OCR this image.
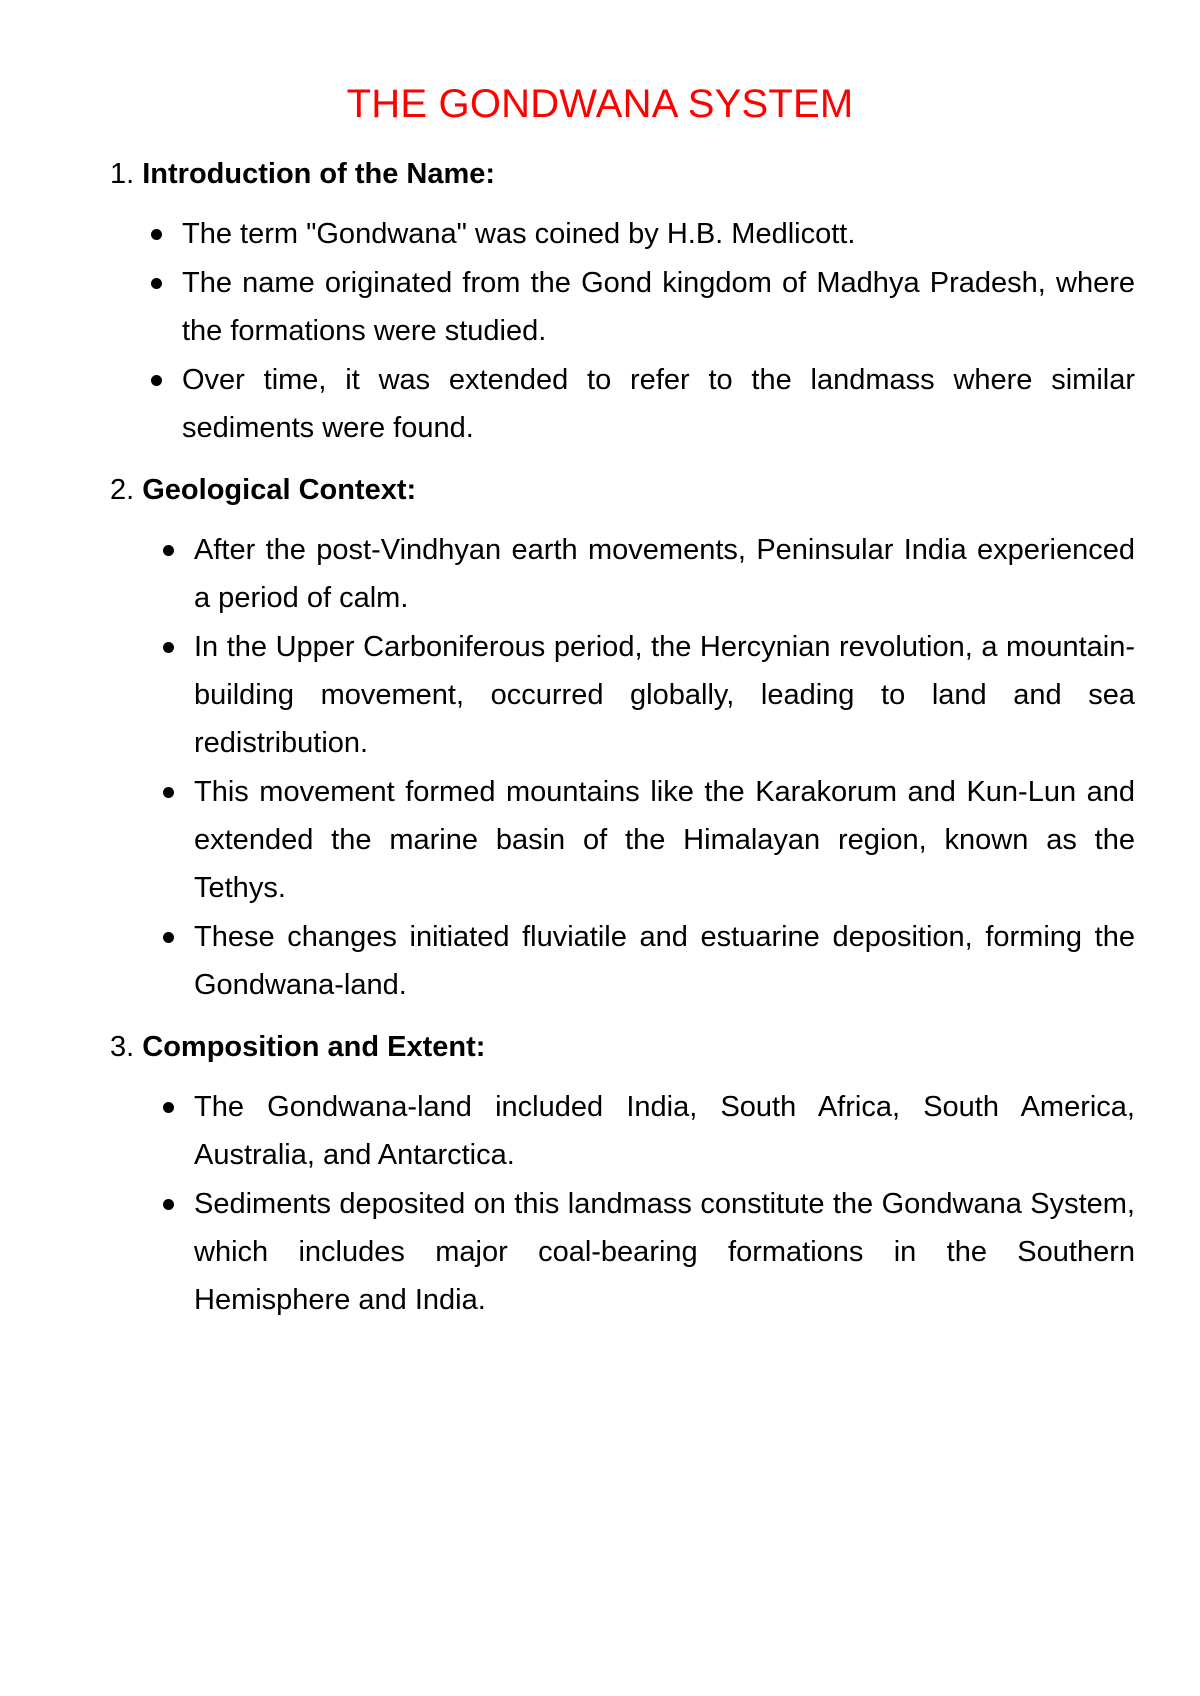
THE GONDWANA SYSTEM
1. Introduction of the Name:
The term "Gondwana" was coined by H.B. Medlicott.
The name originated from the Gond kingdom of Madhya Pradesh, where the formations were studied.
Over time, it was extended to refer to the landmass where similar sediments were found.
2. Geological Context:
After the post-Vindhyan earth movements, Peninsular India experienced a period of calm.
In the Upper Carboniferous period, the Hercynian revolution, a mountain-building movement, occurred globally, leading to land and sea redistribution.
This movement formed mountains like the Karakorum and Kun-Lun and extended the marine basin of the Himalayan region, known as the Tethys.
These changes initiated fluviatile and estuarine deposition, forming the Gondwana-land.
3. Composition and Extent:
The Gondwana-land included India, South Africa, South America, Australia, and Antarctica.
Sediments deposited on this landmass constitute the Gondwana System, which includes major coal-bearing formations in the Southern Hemisphere and India.
